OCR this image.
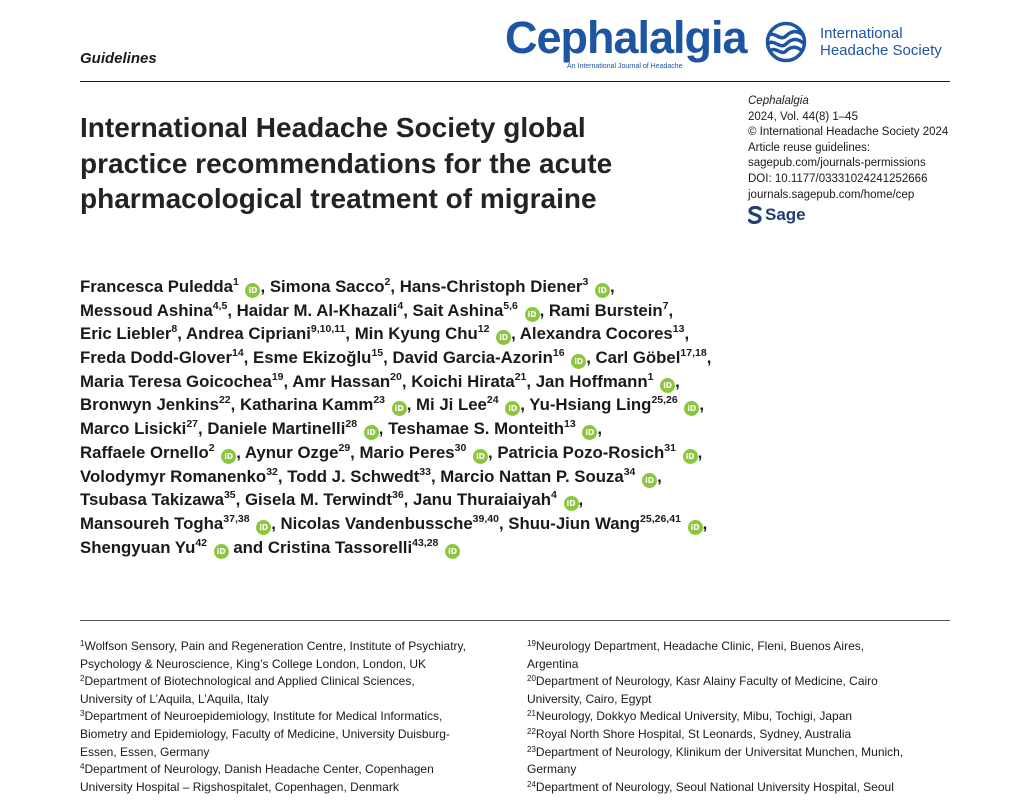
Guidelines	Cephalalgia
An International Journal of Headache
International
Headache Society
Cephalalgia
2024, Vol. 44(8) 1–45
© International Headache Society 2024
Article reuse guidelines:
sagepub.com/journals-permissions
DOI: 10.1177/03331024241252666
journals.sagepub.com/home/cep
Sage
International Headache Society global
practice recommendations for the acute
pharmacological treatment of migraine
Francesca Puledda$^1$ iD , Simona Sacco$^2$, Hans-Christoph Diener$^3$ iD ,
Messoud Ashina$^{4,5}$, Haidar M. Al-Khazali$^4$, Sait Ashina$^{5,6}$ iD , Rami Burstein$^7$,
Eric Liebler$^8$, Andrea Cipriani$^{9,10,11}$, Min Kyung Chu$^{12}$ iD , Alexandra Cocores$^{13}$,
Freda Dodd-Glover$^{14}$, Esme Ekizoğlu$^{15}$, David Garcia-Azorin$^{16}$ iD , Carl Göbel$^{17,18}$,
Maria Teresa Goicochea$^{19}$, Amr Hassan$^{20}$, Koichi Hirata$^{21}$, Jan Hoffmann$^1$ iD ,
Bronwyn Jenkins$^{22}$, Katharina Kamm$^{23}$ iD , Mi Ji Lee$^{24}$ iD , Yu-Hsiang Ling$^{25,26}$ iD ,
Marco Lisicki$^{27}$, Daniele Martinelli$^{28}$ iD , Teshamae S. Monteith$^{13}$ iD ,
Raffaele Ornello$^2$ iD , Aynur Ozge$^{29}$, Mario Peres$^{30}$ iD , Patricia Pozo-Rosich$^{31}$ iD ,
Volodymyr Romanenko$^{32}$, Todd J. Schwedt$^{33}$, Marcio Nattan P. Souza$^{34}$ iD ,
Tsubasa Takizawa$^{35}$, Gisela M. Terwindt$^{36}$, Janu Thuraiaiyah$^4$ iD ,
Mansoureh Togha$^{37,38}$ iD , Nicolas Vandenbussche$^{39,40}$, Shuu-Jiun Wang$^{25,26,41}$ iD ,
Shengyuan Yu$^{42}$ iD and Cristina Tassorelli$^{43,28}$ iD
$^1$Wolfson Sensory, Pain and Regeneration Centre, Institute of Psychiatry,
Psychology & Neuroscience, King’s College London, London, UK
$^2$Department of Biotechnological and Applied Clinical Sciences,
University of L’Aquila, L’Aquila, Italy
$^3$Department of Neuroepidemiology, Institute for Medical Informatics,
Biometry and Epidemiology, Faculty of Medicine, University Duisburg-
Essen, Essen, Germany
$^4$Department of Neurology, Danish Headache Center, Copenhagen
University Hospital – Rigshospitalet, Copenhagen, Denmark
$^{19}$Neurology Department, Headache Clinic, Fleni, Buenos Aires,
Argentina
$^{20}$Department of Neurology, Kasr Alainy Faculty of Medicine, Cairo
University, Cairo, Egypt
$^{21}$Neurology, Dokkyo Medical University, Mibu, Tochigi, Japan
$^{22}$Royal North Shore Hospital, St Leonards, Sydney, Australia
$^{23}$Department of Neurology, Klinikum der Universitat Munchen, Munich,
Germany
$^{24}$Department of Neurology, Seoul National University Hospital, Seoul
